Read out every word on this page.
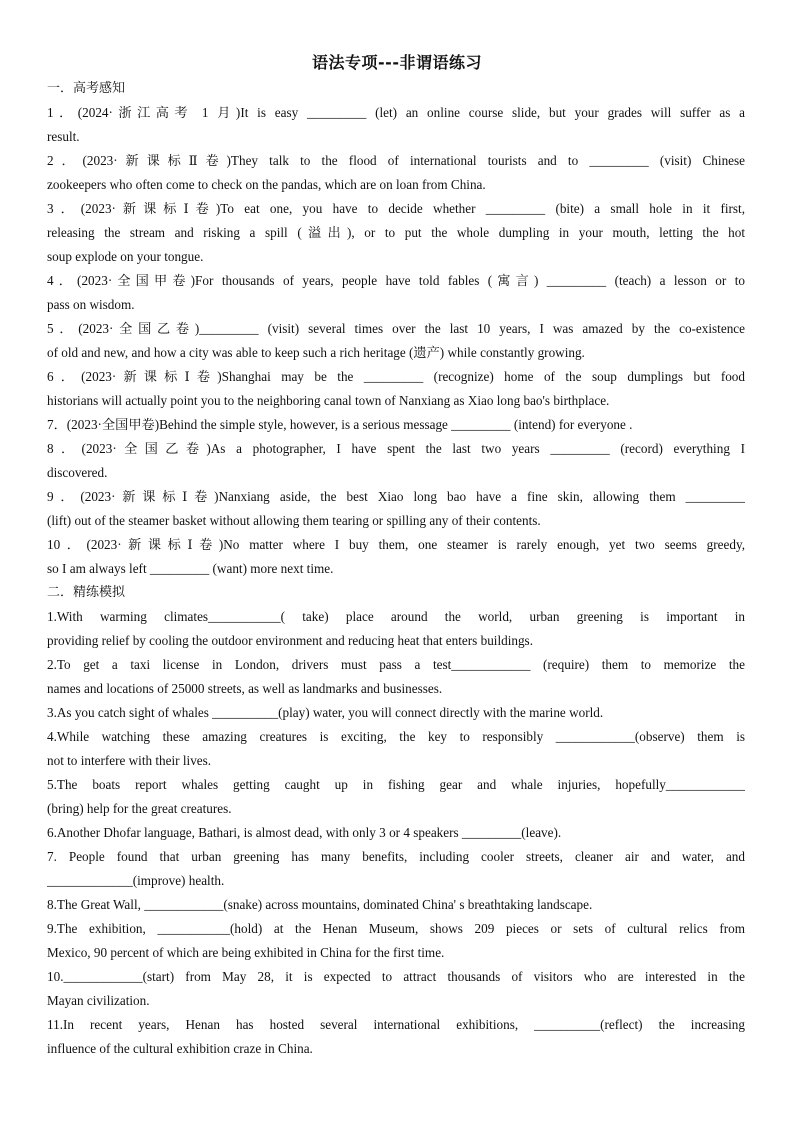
语法专项---非谓语练习
一．高考感知
1．(2024·浙江高考 1 月)It is easy _________ (let) an online course slide, but your grades will suffer as a
result.
2．(2023·新课标Ⅱ卷)They talk to the flood of international tourists and to _________ (visit) Chinese
zookeepers who often come to check on the pandas, which are on loan from China.
3．(2023·新课标Ⅰ卷)To eat one, you have to decide whether _________ (bite) a small hole in it first,
releasing the stream and risking a spill (溢出), or to put the whole dumpling in your mouth, letting the hot
soup explode on your tongue.
4．(2023·全国甲卷)For thousands of years, people have told fables (寓言) _________ (teach) a lesson or to
pass on wisdom.
5．(2023·全国乙卷)_________ (visit) several times over the last 10 years, I was amazed by the co-existence
of old and new, and how a city was able to keep such a rich heritage (遗产) while constantly growing.
6．(2023·新课标Ⅰ卷)Shanghai may be the _________ (recognize) home of the soup dumplings but food
historians will actually point you to the neighboring canal town of Nanxiang as Xiao long bao's birthplace.
7．(2023·全国甲卷)Behind the simple style, however, is a serious message _________ (intend) for everyone .
8．(2023·全国乙卷)As a photographer, I have spent the last two years _________ (record) everything I
discovered.
9．(2023·新课标Ⅰ卷)Nanxiang aside, the best Xiao long bao have a fine skin, allowing them _________
(lift) out of the steamer basket without allowing them tearing or spilling any of their contents.
10．(2023·新课标Ⅰ卷)No matter where I buy them, one steamer is rarely enough, yet two seems greedy,
so I am always left _________ (want) more next time.
二．精练模拟
1.With warming climates___________( take) place around the world, urban greening is important in
providing relief by cooling the outdoor environment and reducing heat that enters buildings.
2.To get a taxi license in London, drivers must pass a test____________ (require) them to memorize the
names and locations of 25000 streets, as well as landmarks and businesses.
3.As you catch sight of whales __________(play) water, you will connect directly with the marine world.
4.While watching these amazing creatures is exciting, the key to responsibly ____________(observe) them is
not to interfere with their lives.
5.The boats report whales getting caught up in fishing gear and whale injuries, hopefully____________
(bring) help for the great creatures.
6.Another Dhofar language, Bathari, is almost dead, with only 3 or 4 speakers _________(leave).
7. People found that urban greening has many benefits, including cooler streets, cleaner air and water, and
_____________(improve) health.
8.The Great Wall, ____________(snake) across mountains, dominated China' s breathtaking landscape.
9.The exhibition, ___________(hold) at the Henan Museum, shows 209 pieces or sets of cultural relics from
Mexico, 90 percent of which are being exhibited in China for the first time.
10.____________(start) from May 28, it is expected to attract thousands of visitors who are interested in the
Mayan civilization.
11.In recent years, Henan has hosted several international exhibitions, __________(reflect) the increasing
influence of the cultural exhibition craze in China.
